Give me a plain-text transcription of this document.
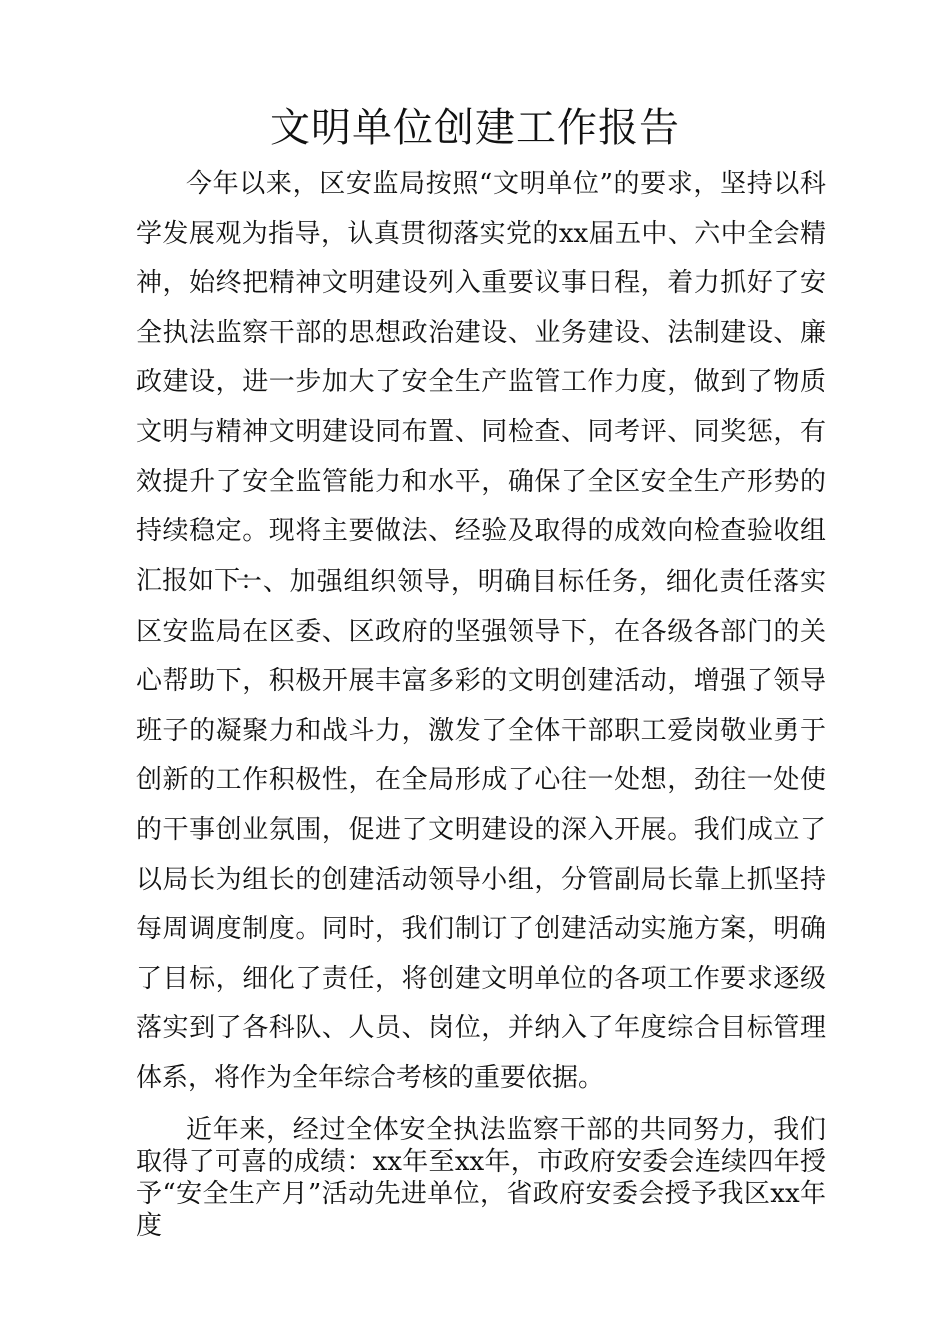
文明单位创建工作报告

今年以来，区安监局按照“文明单位”的要求，坚持以科学发展观为指导，认真贯彻落实党的xx届五中、六中全会精神，始终把精神文明建设列入重要议事日程，着力抓好了安全执法监察干部的思想政治建设、业务建设、法制建设、廉政建设，进一步加大了安全生产监管工作力度，做到了物质文明与精神文明建设同布置、同检查、同考评、同奖惩，有效提升了安全监管能力和水平，确保了全区安全生产形势的持续稳定。现将主要做法、经验及取得的成效向检查验收组汇报如下：

一、加强组织领导，明确目标任务，细化责任落实区安监局在区委、区政府的坚强领导下，在各级各部门的关心帮助下，积极开展丰富多彩的文明创建活动，增强了领导班子的凝聚力和战斗力，激发了全体干部职工爱岗敬业勇于创新的工作积极性，在全局形成了心往一处想，劲往一处使的干事创业氛围，促进了文明建设的深入开展。我们成立了以局长为组长的创建活动领导小组，分管副局长靠上抓坚持每周调度制度。同时，我们制订了创建活动实施方案，明确了目标，细化了责任，将创建文明单位的各项工作要求逐级落实到了各科队、人员、岗位，并纳入了年度综合目标管理体系，将作为全年综合考核的重要依据。

近年来，经过全体安全执法监察干部的共同努力，我们取得了可喜的成绩：xx年至xx年，市政府安委会连续四年授予“安全生产月”活动先进单位，省政府安委会授予我区xx年度
